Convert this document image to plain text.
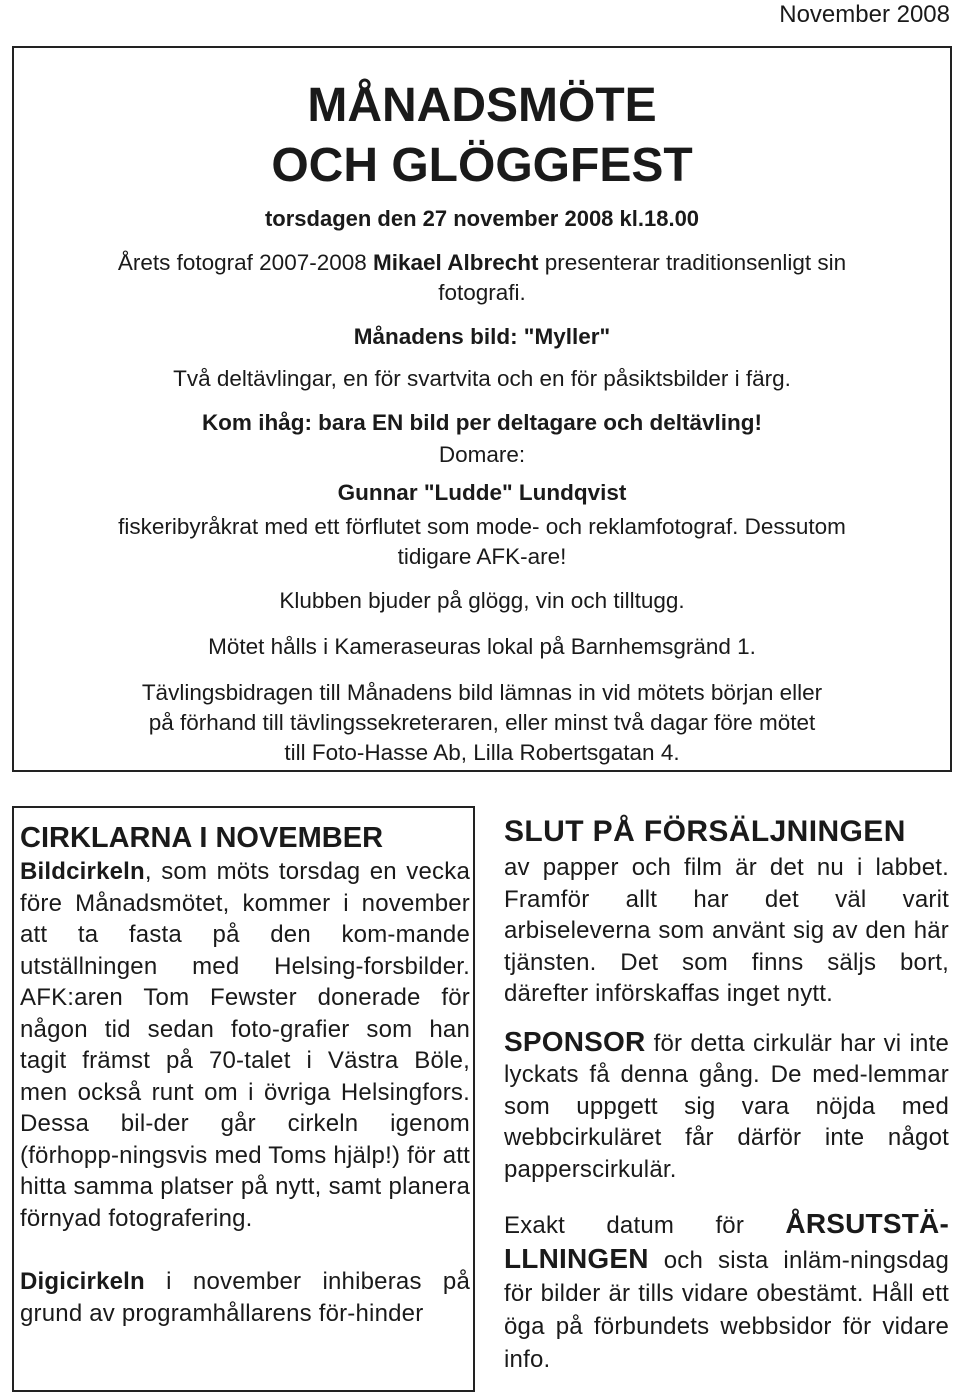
November 2008
MÅNADSMÖTE
OCH GLÖGGFEST
torsdagen den 27 november 2008 kl.18.00
Årets fotograf 2007-2008 Mikael Albrecht presenterar traditionsenligt sin
fotografi.
Månadens bild: "Myller"
Två deltävlingar, en för svartvita och en för påsiktsbilder i färg.
Kom ihåg: bara EN bild per deltagare och deltävling!
Domare:
Gunnar "Ludde" Lundqvist
fiskeribyråkrat med ett förflutet som mode- och reklamfotograf. Dessutom
tidigare AFK-are!
Klubben bjuder på glögg, vin och tilltugg.
Mötet hålls i Kameraseuras lokal på Barnhemsgränd 1.
Tävlingsbidragen till Månadens bild lämnas in vid mötets början eller
på förhand till tävlingssekreteraren, eller minst två dagar före mötet
till Foto-Hasse Ab, Lilla Robertsgatan 4.

CIRKLARNA I NOVEMBER

Bildcirkeln, som möts torsdag en vecka före Månadsmötet, kommer i november att ta fasta på den kom-mande utställningen med Helsing-forsbilder. AFK:aren Tom Fewster donerade för någon tid sedan foto-grafier som han tagit främst på 70-talet i Västra Böle, men också runt om i övriga Helsingfors. Dessa bil-der går cirkeln igenom (förhopp-ningsvis med Toms hjälp!) för att hitta samma platser på nytt, samt planera förnyad fotografering.

Digicirkeln i november inhiberas på grund av programhållarens för-hinder

SLUT PÅ FÖRSÄLJNINGEN

av papper och film är det nu i labbet. Framför allt har det väl varit arbiseleverna som använt sig av den här tjänsten. Det som finns säljs bort, därefter införskaffas inget nytt.

SPONSOR för detta cirkulär har vi inte lyckats få denna gång. De med-lemmar som uppgett sig vara nöjda med webbcirkuläret får därför inte något papperscirkulär.

Exakt datum för ÅRSUTSTÄ-LLNINGEN och sista inläm-ningsdag för bilder är tills vidare obestämt. Håll ett öga på förbundets webbsidor för vidare info.
